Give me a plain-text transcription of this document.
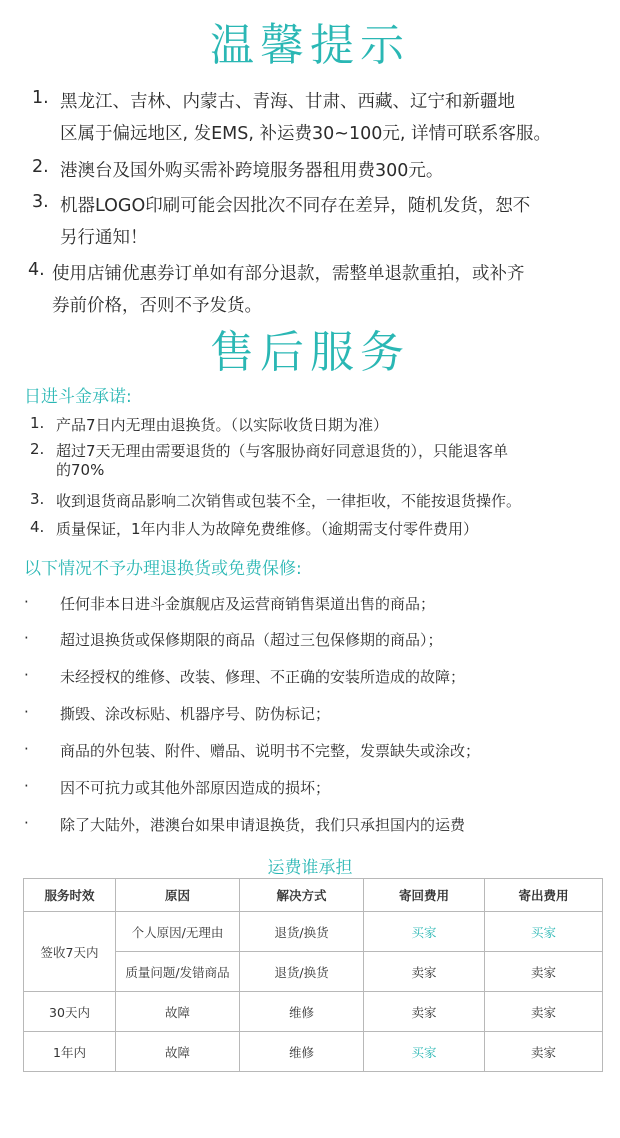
温馨提示
1. 黑龙江、吉林、内蒙古、青海、甘肃、西藏、辽宁和新疆地
区属于偏远地区, 发EMS, 补运费30~100元, 详情可联系客服。
2. 港澳台及国外购买需补跨境服务器租用费300元。
3. 机器LOGO印刷可能会因批次不同存在差异，随机发货，恕不
另行通知！
4. 使用店铺优惠券订单如有部分退款，需整单退款重拍，或补齐
券前价格，否则不予发货。
售后服务
日进斗金承诺:
1. 产品7日内无理由退换货。（以实际收货日期为准）
2. 超过7天无理由需要退货的（与客服协商好同意退货的），只能退客单
的70%
3. 收到退货商品影响二次销售或包装不全，一律拒收，不能按退货操作。
4. 质量保证，1年内非人为故障免费维修。（逾期需支付零件费用）
以下情况不予办理退换货或免费保修:
· 任何非本日进斗金旗舰店及运营商销售渠道出售的商品；
· 超过退换货或保修期限的商品（超过三包保修期的商品）；
· 未经授权的维修、改装、修理、不正确的安装所造成的故障；
· 撕毁、涂改标贴、机器序号、防伪标记；
· 商品的外包装、附件、赠品、说明书不完整，发票缺失或涂改；
· 因不可抗力或其他外部原因造成的损坏；
· 除了大陆外，港澳台如果申请退换货，我们只承担国内的运费
运费谁承担
服务时效	原因	解决方式	寄回费用	寄出费用
签收7天内	个人原因/无理由	退货/换货	买家	买家
	质量问题/发错商品	退货/换货	卖家	卖家
30天内	故障	维修	卖家	卖家
1年内	故障	维修	买家	卖家
